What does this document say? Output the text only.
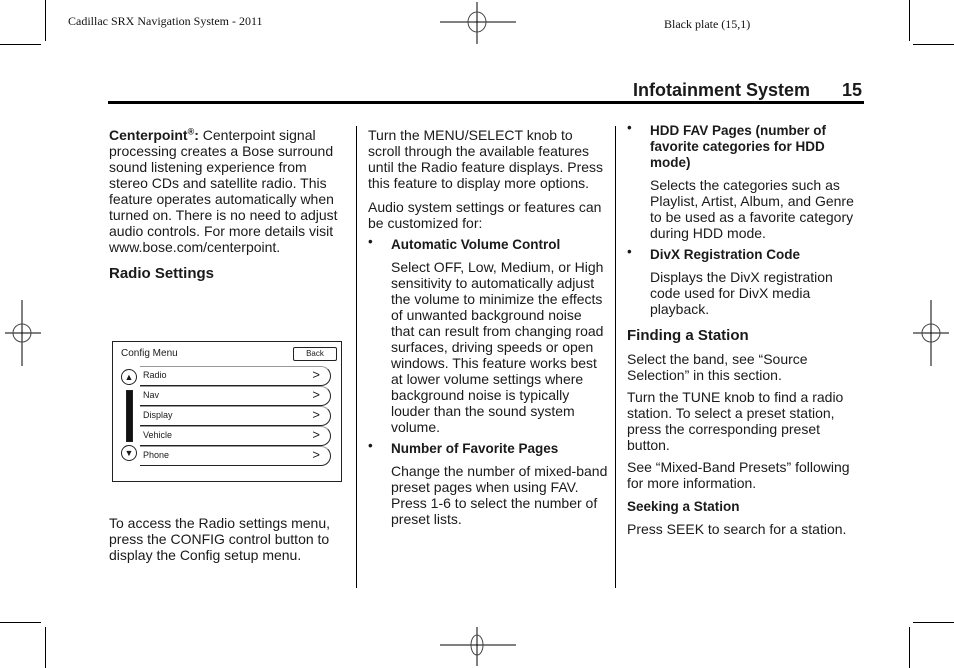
Cadillac SRX Navigation System - 2011	Black plate (15,1)
Infotainment System 15

Centerpoint®: Centerpoint signal processing creates a Bose surround sound listening experience from stereo CDs and satellite radio. This feature operates automatically when turned on. There is no need to adjust audio controls. For more details visit www.bose.com/centerpoint.

Radio Settings
Config Menu	Back
▲
▼
Radio	>
Nav	>
Display	>
Vehicle	>
Phone	>
To access the Radio settings menu, press the CONFIG control button to display the Config setup menu.

Turn the MENU/SELECT knob to scroll through the available features until the Radio feature displays. Press this feature to display more options.

Audio system settings or features can be customized for:

• Automatic Volume Control

Select OFF, Low, Medium, or High sensitivity to automatically adjust the volume to minimize the effects of unwanted background noise that can result from changing road surfaces, driving speeds or open windows. This feature works best at lower volume settings where background noise is typically louder than the sound system volume.

• Number of Favorite Pages

Change the number of mixed-band preset pages when using FAV. Press 1-6 to select the number of preset lists.

• HDD FAV Pages (number of favorite categories for HDD mode)

Selects the categories such as Playlist, Artist, Album, and Genre to be used as a favorite category during HDD mode.

• DivX Registration Code

Displays the DivX registration code used for DivX media playback.

Finding a Station

Select the band, see “Source Selection” in this section.

Turn the TUNE knob to find a radio station. To select a preset station, press the corresponding preset button.

See “Mixed-Band Presets” following for more information.

Seeking a Station

Press SEEK to search for a station.
